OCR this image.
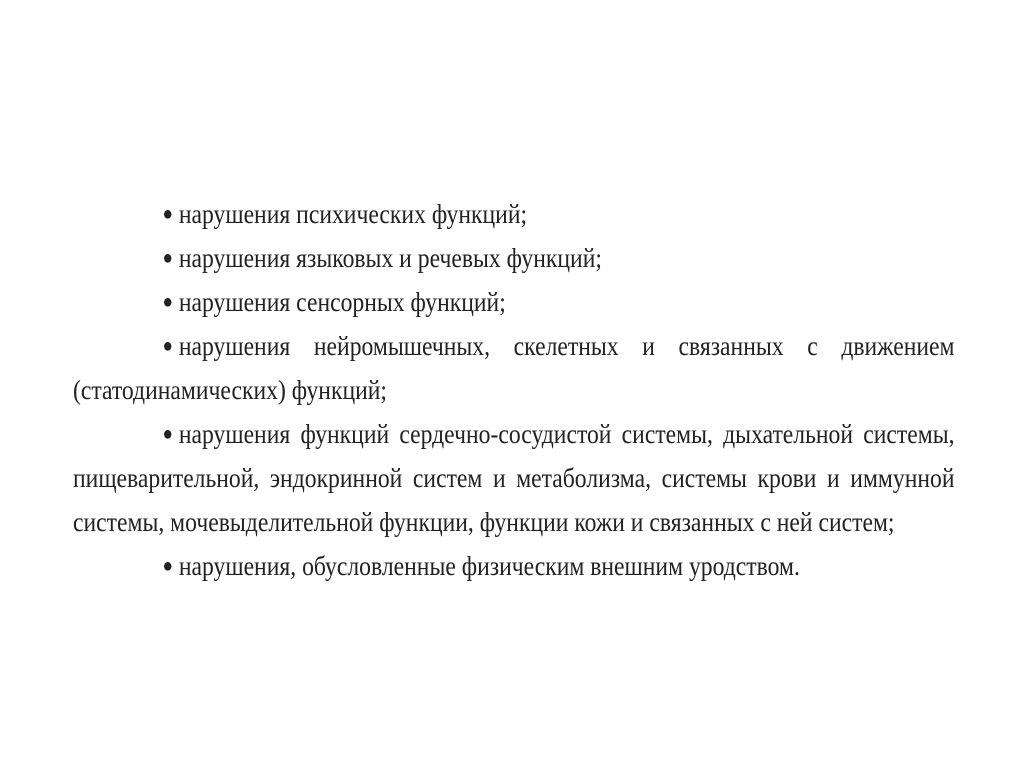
● нарушения психических функций;

● нарушения языковых и речевых функций;

● нарушения сенсорных функций;

● нарушения нейромышечных, скелетных и связанных с движением (статодинамических) функций;

● нарушения функций сердечно-сосудистой системы, дыхательной системы, пищеварительной, эндокринной систем и метаболизма, системы крови и иммунной системы, мочевыделительной функции, функции кожи и связанных с ней систем;

● нарушения, обусловленные физическим внешним уродством.
